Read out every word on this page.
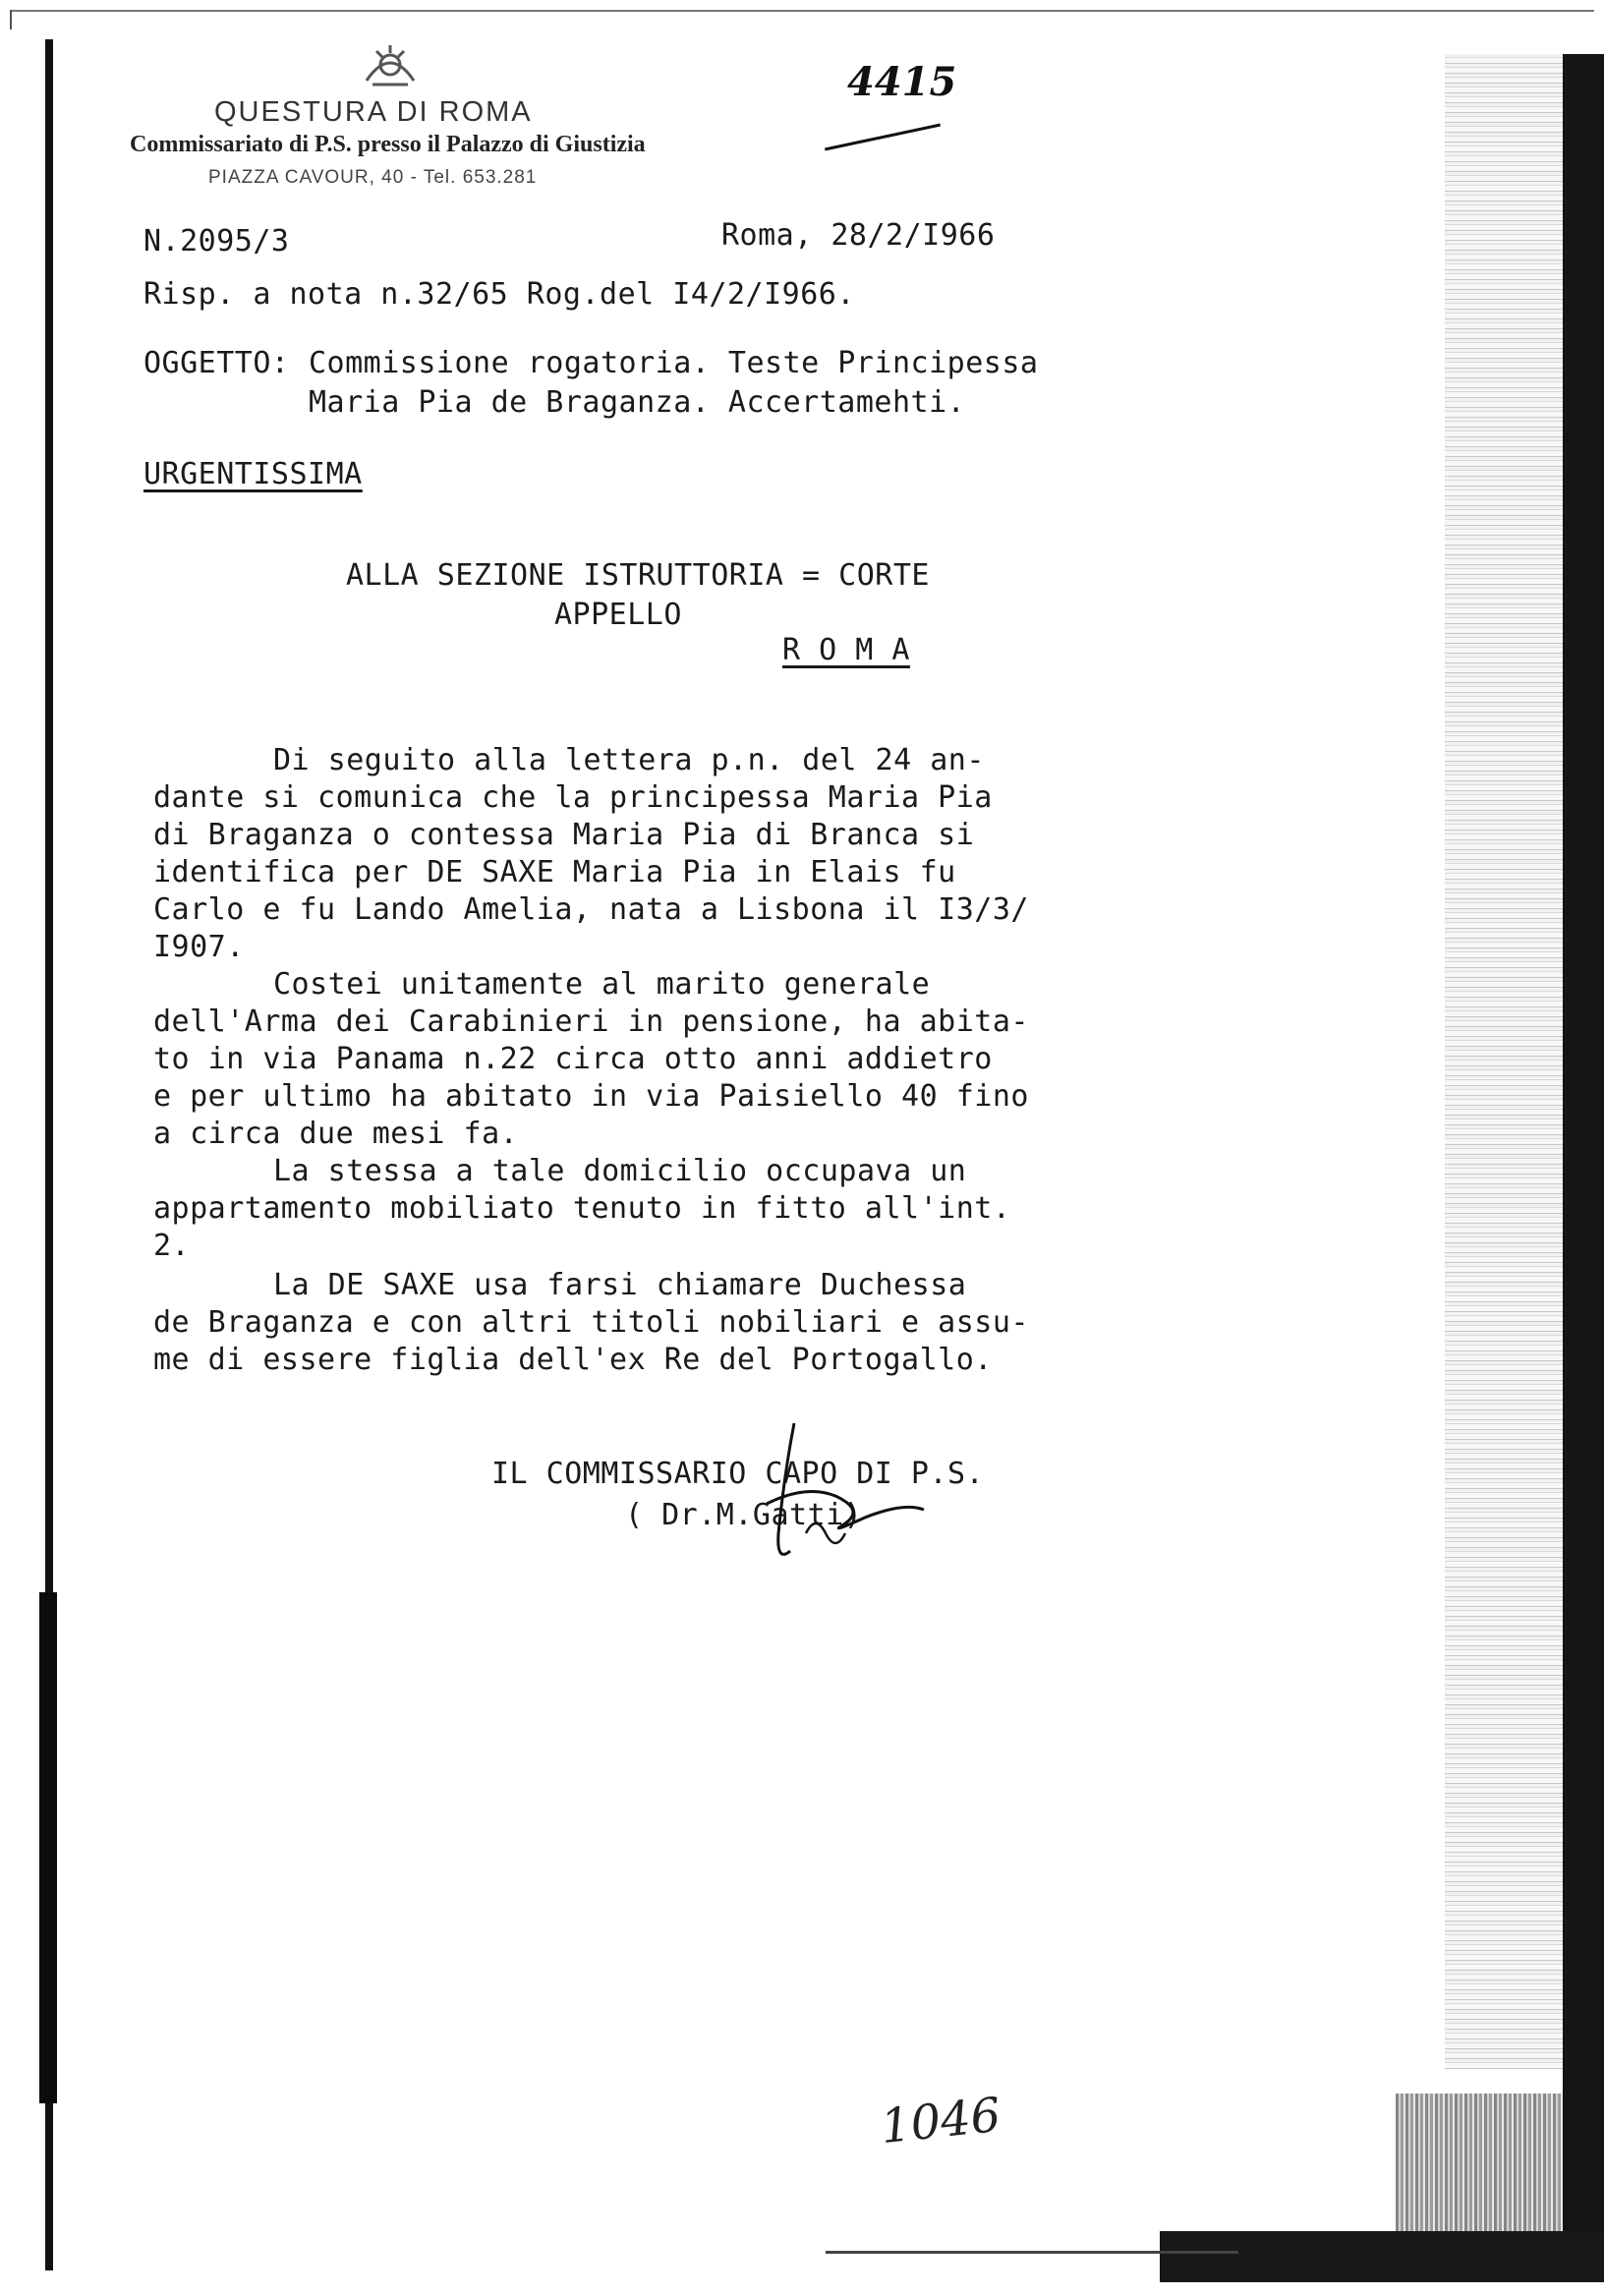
QUESTURA DI ROMA
Commissariato di P.S. presso il Palazzo di Giustizia
PIAZZA CAVOUR, 40 - Tel. 653.281
4415
1046
N.2095/3	Roma, 28/2/I966
Risp. a nota n.32/65 Rog.del I4/2/I966.
OGGETTO: Commissione rogatoria. Teste Principessa
Maria Pia de Braganza. Accertamehti.
URGENTISSIMA
ALLA SEZIONE ISTRUTTORIA = CORTE
APPELLO
R O M A
Di seguito alla lettera p.n. del 24 an-
dante si comunica che la principessa Maria Pia
di Braganza o contessa Maria Pia di Branca si
identifica per DE SAXE Maria Pia in Elais fu
Carlo e fu Lando Amelia, nata a Lisbona il I3/3/
I907.
Costei unitamente al marito generale
dell'Arma dei Carabinieri in pensione, ha abita-
to in via Panama n.22 circa otto anni addietro
e per ultimo ha abitato in via Paisiello 40 fino
a circa due mesi fa.
La stessa a tale domicilio occupava un
appartamento mobiliato tenuto in fitto all'int.
2.
La DE SAXE usa farsi chiamare Duchessa
de Braganza e con altri titoli nobiliari e assu-
me di essere figlia dell'ex Re del Portogallo.
IL COMMISSARIO CAPO DI P.S.
( Dr.M.Gatti)
